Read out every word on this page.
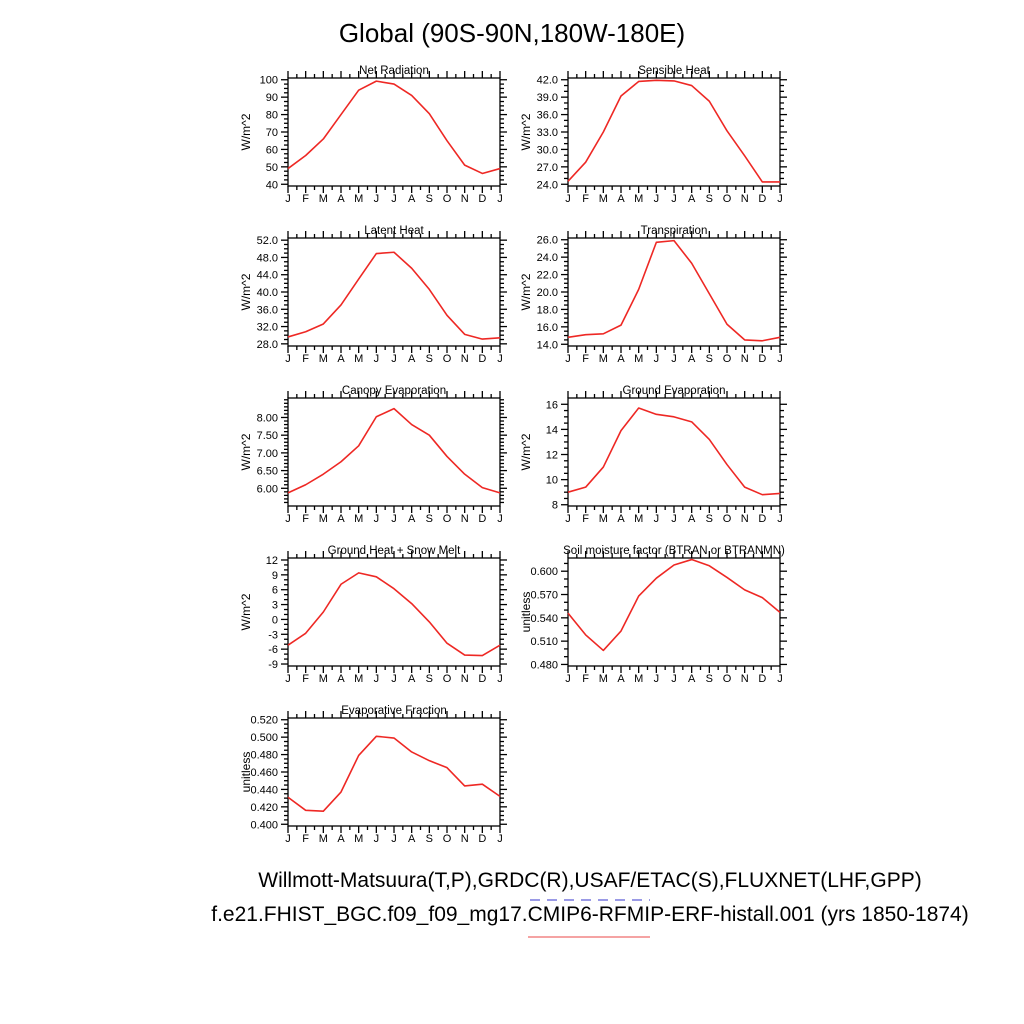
Global (90S-90N,180W-180E)
Net Radiation
W/m^2
J F M A M J J A S O N D J
40
50
60
70
80
90
100
Sensible Heat
W/m^2
J F M A M J J A S O N D J
24.0
27.0
30.0
33.0
36.0
39.0
42.0
Latent Heat
W/m^2
J F M A M J J A S O N D J
28.0
32.0
36.0
40.0
44.0
48.0
52.0
Transpiration
W/m^2
J F M A M J J A S O N D J
14.0
16.0
18.0
20.0
22.0
24.0
26.0
Canopy Evaporation
W/m^2
J F M A M J J A S O N D J
6.00
6.50
7.00
7.50
8.00
Ground Evaporation
W/m^2
J F M A M J J A S O N D J
8
10
12
14
16
Ground Heat + Snow Melt
W/m^2
J F M A M J J A S O N D J
-9
-6
-3
0
3
6
9
12
Soil moisture factor (BTRAN or BTRANMN)
unitless
J F M A M J J A S O N D J
0.480
0.510
0.540
0.570
0.600
Evaporative Fraction
unitless
J F M A M J J A S O N D J
0.400
0.420
0.440
0.460
0.480
0.500
0.520
Willmott-Matsuura(T,P),GRDC(R),USAF/ETAC(S),FLUXNET(LHF,GPP)
f.e21.FHIST_BGC.f09_f09_mg17.CMIP6-RFMIP-ERF-histall.001 (yrs 1850-1874)
